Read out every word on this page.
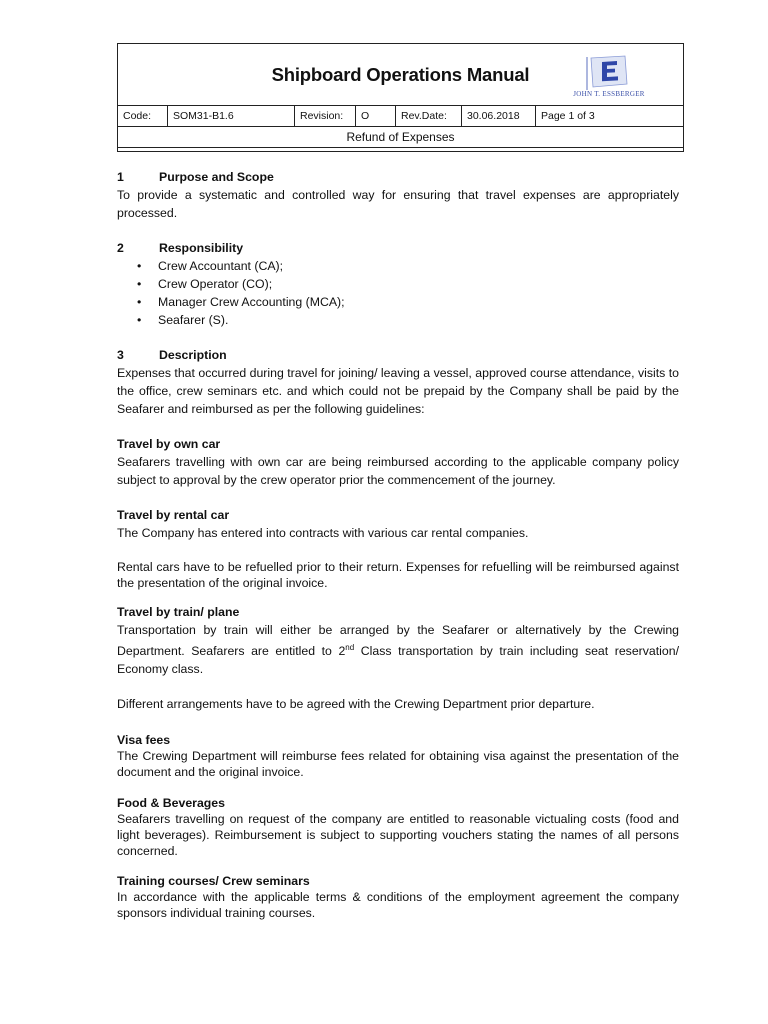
Shipboard Operations Manual
JOHN T. ESSBERGER
Code:	SOM31-B1.6	Revision:	O	Rev.Date:	30.06.2018	Page 1 of 3
Refund of Expenses
1	Purpose and Scope

To provide a systematic and controlled way for ensuring that travel expenses are appropriately processed.

2	Responsibility
• Crew Accountant (CA);
• Crew Operator (CO);
• Manager Crew Accounting (MCA);
• Seafarer (S).
3	Description

Expenses that occurred during travel for joining/ leaving a vessel, approved course attendance, visits to the office, crew seminars etc. and which could not be prepaid by the Company shall be paid by the Seafarer and reimbursed as per the following guidelines:

Travel by own car

Seafarers travelling with own car are being reimbursed according to the applicable company policy subject to approval by the crew operator prior the commencement of the journey.

Travel by rental car

The Company has entered into contracts with various car rental companies.

Rental cars have to be refuelled prior to their return. Expenses for refuelling will be reimbursed against the presentation of the original invoice.

Travel by train/ plane

Transportation by train will either be arranged by the Seafarer or alternatively by the Crewing Department. Seafarers are entitled to 2nd Class transportation by train including seat reservation/ Economy class.

Different arrangements have to be agreed with the Crewing Department prior departure.

Visa fees

The Crewing Department will reimburse fees related for obtaining visa against the presentation of the document and the original invoice.

Food & Beverages

Seafarers travelling on request of the company are entitled to reasonable victualing costs (food and light beverages). Reimbursement is subject to supporting vouchers stating the names of all persons concerned.

Training courses/ Crew seminars

In accordance with the applicable terms & conditions of the employment agreement the company sponsors individual training courses.
